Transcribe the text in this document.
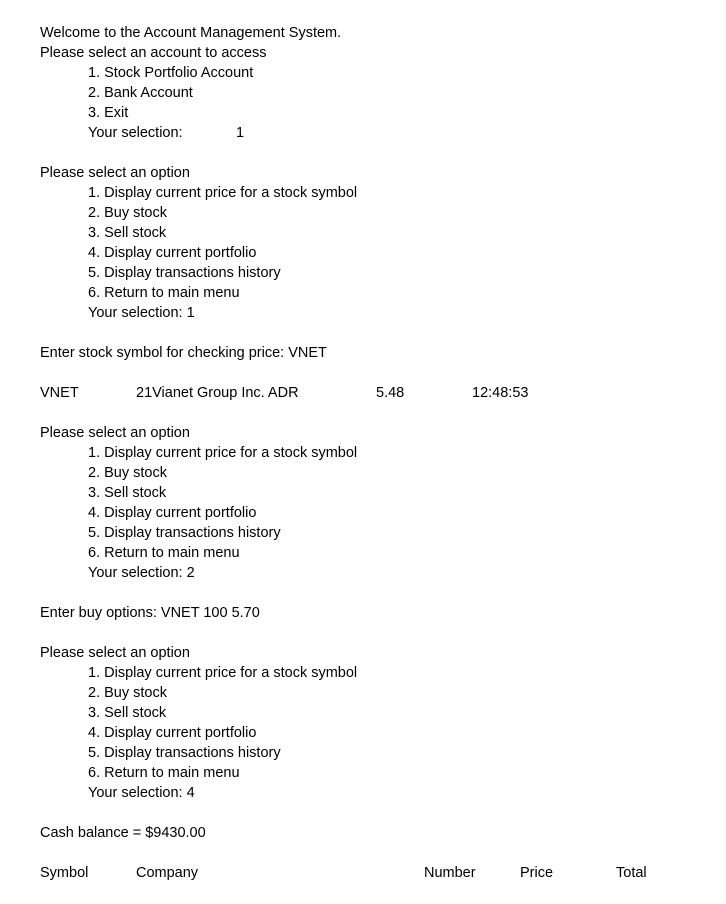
Welcome to the Account Management System.
Please select an account to access
1. Stock Portfolio Account
2. Bank Account
3. Exit
Your selection:	1
Please select an option
1. Display current price for a stock symbol
2. Buy stock
3. Sell stock
4. Display current portfolio
5. Display transactions history
6. Return to main menu
Your selection: 1
Enter stock symbol for checking price: VNET
VNET	21Vianet Group Inc. ADR	5.48	12:48:53
Please select an option
1. Display current price for a stock symbol
2. Buy stock
3. Sell stock
4. Display current portfolio
5. Display transactions history
6. Return to main menu
Your selection: 2
Enter buy options: VNET 100 5.70
Please select an option
1. Display current price for a stock symbol
2. Buy stock
3. Sell stock
4. Display current portfolio
5. Display transactions history
6. Return to main menu
Your selection: 4
Cash balance = $9430.00
Symbol	Company	Number	Price	Total
